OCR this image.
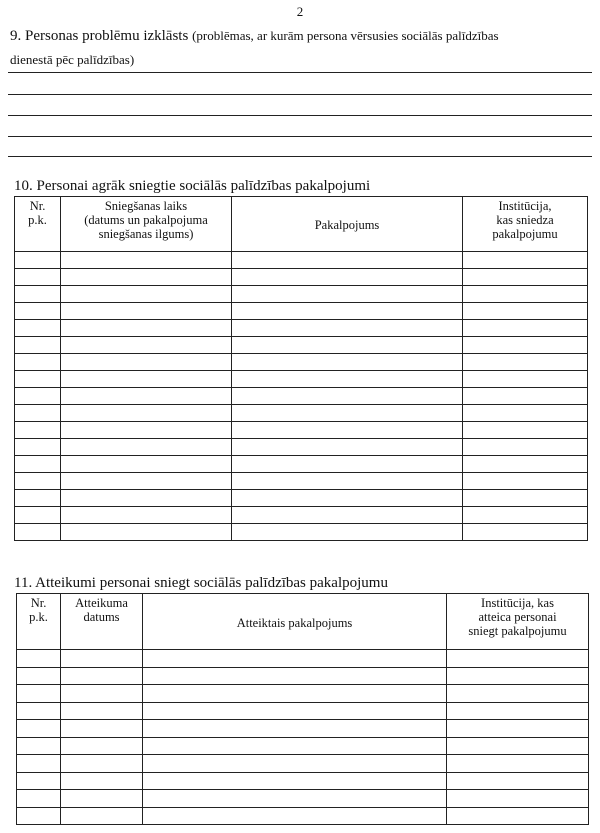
2
9. Personas problēmu izklāsts (problēmas, ar kurām persona vērsusies sociālās palīdzības
dienestā pēc palīdzības)
10. Personai agrāk sniegtie sociālās palīdzības pakalpojumi
Nr.
p.k.	Sniegšanas laiks
(datums un pakalpojuma
sniegšanas ilgums)	Pakalpojums	Institūcija,
kas sniedza
pakalpojumu

11. Atteikumi personai sniegt sociālās palīdzības pakalpojumu
Nr.
p.k.	Atteikuma
datums	Atteiktais pakalpojums	Institūcija, kas
atteica personai
sniegt pakalpojumu
